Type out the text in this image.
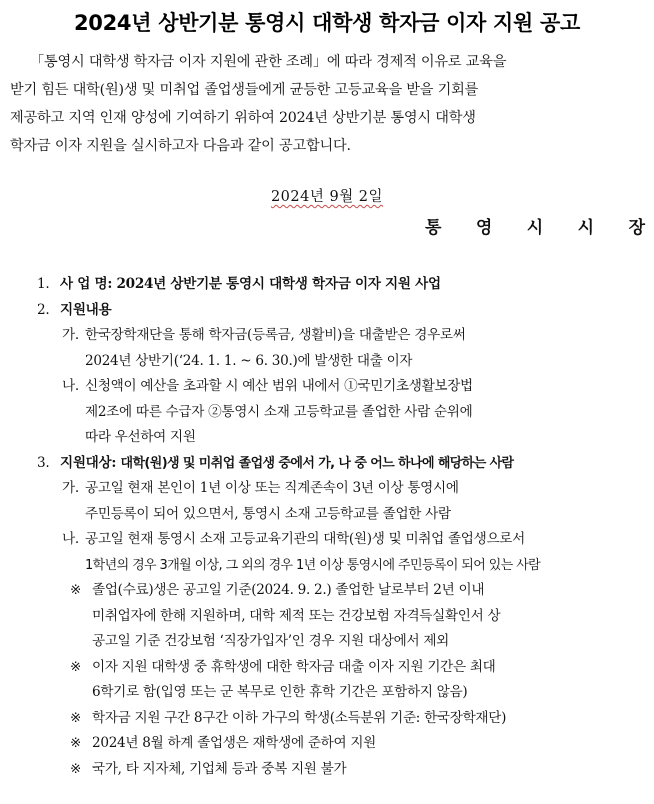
2024년 상반기분 통영시 대학생 학자금 이자 지원 공고
「통영시 대학생 학자금 이자 지원에 관한 조례」에 따라 경제적 이유로 교육을
받기 힘든 대학(원)생 및 미취업 졸업생들에게 균등한 고등교육을 받을 기회를
제공하고 지역 인재 양성에 기여하기 위하여 2024년 상반기분 통영시 대학생
학자금 이자 지원을 실시하고자 다음과 같이 공고합니다.
2024년 9월 2일
통 영 시 시 장
1. 사 업 명: 2024년 상반기분 통영시 대학생 학자금 이자 지원 사업
2. 지원내용
가. 한국장학재단을 통해 학자금(등록금, 생활비)을 대출받은 경우로써
2024년 상반기(‘24. 1. 1. ~ 6. 30.)에 발생한 대출 이자
나. 신청액이 예산을 초과할 시 예산 범위 내에서 ①국민기초생활보장법
제2조에 따른 수급자 ②통영시 소재 고등학교를 졸업한 사람 순위에
따라 우선하여 지원
3. 지원대상: 대학(원)생 및 미취업 졸업생 중에서 가, 나 중 어느 하나에 해당하는 사람
가. 공고일 현재 본인이 1년 이상 또는 직계존속이 3년 이상 통영시에
주민등록이 되어 있으면서, 통영시 소재 고등학교를 졸업한 사람
나. 공고일 현재 통영시 소재 고등교육기관의 대학(원)생 및 미취업 졸업생으로서
1학년의 경우 3개월 이상, 그 외의 경우 1년 이상 통영시에 주민등록이 되어 있는 사람
※ 졸업(수료)생은 공고일 기준(2024. 9. 2.) 졸업한 날로부터 2년 이내
미취업자에 한해 지원하며, 대학 제적 또는 건강보험 자격득실확인서 상
공고일 기준 건강보험 ‘직장가입자’인 경우 지원 대상에서 제외
※ 이자 지원 대학생 중 휴학생에 대한 학자금 대출 이자 지원 기간은 최대
6학기로 함(입영 또는 군 복무로 인한 휴학 기간은 포함하지 않음)
※ 학자금 지원 구간 8구간 이하 가구의 학생(소득분위 기준: 한국장학재단)
※ 2024년 8월 하계 졸업생은 재학생에 준하여 지원
※ 국가, 타 지자체, 기업체 등과 중복 지원 불가
